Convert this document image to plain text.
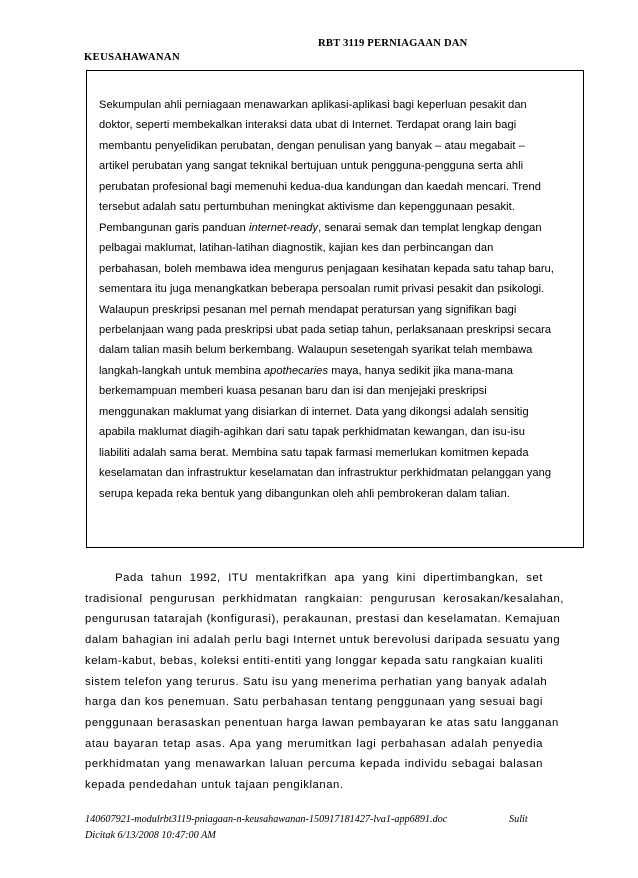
RBT 3119 PERNIAGAAN DAN
KEUSAHAWANAN
Sekumpulan ahli perniagaan menawarkan aplikasi-aplikasi bagi keperluan pesakit dan
doktor, seperti membekalkan interaksi data ubat di Internet. Terdapat orang lain bagi
membantu penyelidikan perubatan, dengan penulisan yang banyak – atau megabait –
artikel perubatan yang sangat teknikal bertujuan untuk pengguna-pengguna serta ahli
perubatan profesional bagi memenuhi kedua-dua kandungan dan kaedah mencari. Trend
tersebut adalah satu pertumbuhan meningkat aktivisme dan kepenggunaan pesakit.
Pembangunan garis panduan internet-ready, senarai semak dan templat lengkap dengan
pelbagai maklumat, latihan-latihan diagnostik, kajian kes dan perbincangan dan
perbahasan, boleh membawa idea mengurus penjagaan kesihatan kepada satu tahap baru,
sementara itu juga menangkatkan beberapa persoalan rumit privasi pesakit dan psikologi.
Walaupun preskripsi pesanan mel pernah mendapat peratursan yang signifikan bagi
perbelanjaan wang pada preskripsi ubat pada setiap tahun, perlaksanaan preskripsi secara
dalam talian masih belum berkembang. Walaupun sesetengah syarikat telah membawa
langkah-langkah untuk membina apothecaries maya, hanya sedikit jika mana-mana
berkemampuan memberi kuasa pesanan baru dan isi dan menjejaki preskripsi
menggunakan maklumat yang disiarkan di internet. Data yang dikongsi adalah sensitig
apabila maklumat diagih-agihkan dari satu tapak perkhidmatan kewangan, dan isu-isu
liabiliti adalah sama berat. Membina satu tapak farmasi memerlukan komitmen kepada
keselamatan dan infrastruktur keselamatan dan infrastruktur perkhidmatan pelanggan yang
serupa kepada reka bentuk yang dibangunkan oleh ahli pembrokeran dalam talian.
Pada  tahun  1992,  ITU  mentakrifkan  apa  yang  kini  dipertimbangkan,  set
tradisional  pengurusan  perkhidmatan  rangkaian:  pengurusan  kerosakan/kesalahan,
pengurusan tatarajah (konfigurasi), perakaunan, prestasi dan keselamatan. Kemajuan
dalam bahagian ini adalah perlu bagi Internet untuk berevolusi daripada sesuatu yang
kelam-kabut, bebas, koleksi entiti-entiti yang longgar kepada satu rangkaian kualiti
sistem telefon yang terurus. Satu isu yang menerima perhatian yang banyak adalah
harga dan kos penemuan. Satu perbahasan tentang penggunaan yang sesuai bagi
penggunaan berasaskan penentuan harga lawan pembayaran ke atas satu langganan
atau bayaran tetap asas. Apa yang merumitkan lagi perbahasan adalah penyedia
perkhidmatan yang menawarkan laluan percuma kepada individu sebagai balasan
kepada pendedahan untuk tajaan pengiklanan.
140607921-modulrbt3119-pniagaan-n-keusahawanan-150917181427-lva1-app6891.doc	Sulit
Dicitak 6/13/2008 10:47:00 AM
